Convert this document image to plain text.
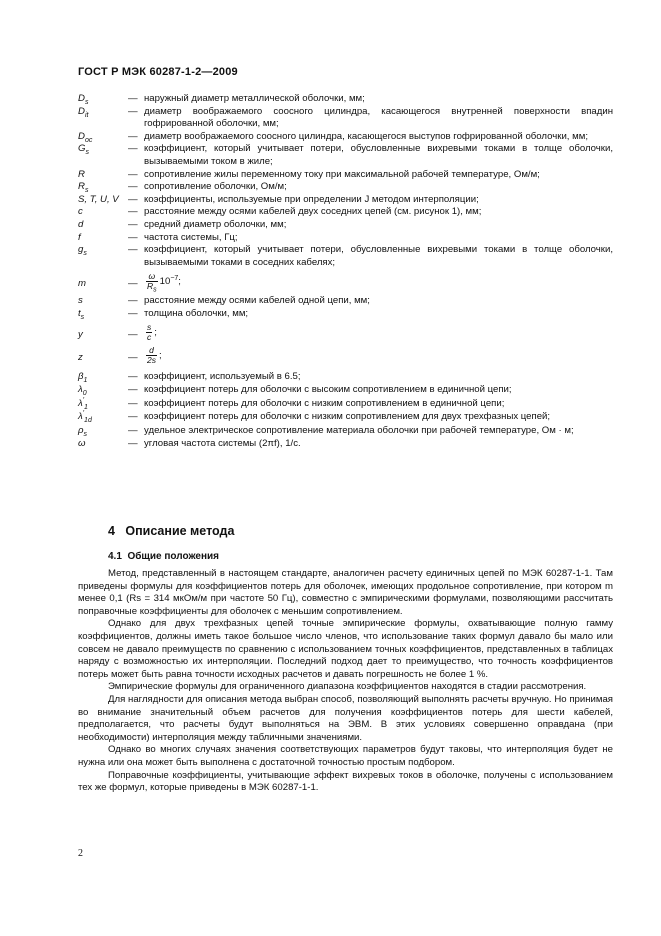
ГОСТ Р МЭК 60287-1-2—2009
$D_s$	— наружный диаметр металлической оболочки, мм;
$D_{it}$	— диаметр воображаемого соосного цилиндра, касающегося внутренней поверхности впадин гофрированной оболочки, мм;
$D_{oc}$	— диаметр воображаемого соосного цилиндра, касающегося выступов гофрированной оболочки, мм;
$G_s$	— коэффициент, который учитывает потери, обусловленные вихревыми токами в толще оболочки, вызываемыми током в жиле;
R	— сопротивление жилы переменному току при максимальной рабочей температуре, Ом/м;
$R_s$	— сопротивление оболочки, Ом/м;
S, T, U, V — коэффициенты, используемые при определении J методом интерполяции;
c	— расстояние между осями кабелей двух соседних цепей (см. рисунок 1), мм;
d	— средний диаметр оболочки, мм;
f	— частота системы, Гц;
$g_s$	— коэффициент, который учитывает потери, обусловленные вихревыми токами в толще оболочки, вызываемыми токами в соседних кабелях;
m	— $\frac{\omega}{R_s} 10^{-7}$;
s	— расстояние между осями кабелей одной цепи, мм;
$t_s$	— толщина оболочки, мм;
y	— $\frac{s}{c}$ ;
z	— $\frac{d}{2s}$ ;
$\beta_1$	— коэффициент, используемый в 6.5;
$\lambda_0$	— коэффициент потерь для оболочки с высоким сопротивлением в единичной цепи;
$\lambda'_1$	— коэффициент потерь для оболочки с низким сопротивлением в единичной цепи;
$\lambda'_{1d}$	— коэффициент потерь для оболочки с низким сопротивлением для двух трехфазных цепей;
$\rho_s$	— удельное электрическое сопротивление материала оболочки при рабочей температуре, Ом · м;
ω	— угловая частота системы (2πf), 1/с.
4 Описание метода
4.1 Общие положения

Метод, представленный в настоящем стандарте, аналогичен расчету единичных цепей по МЭК 60287-1-1. Там приведены формулы для коэффициентов потерь для оболочек, имеющих продольное сопротивление, при котором m менее 0,1 (Rs = 314 мкОм/м при частоте 50 Гц), совместно с эмпирическими формулами, позволяющими рассчитать поправочные коэффициенты для оболочек с меньшим сопротивлением.

Однако для двух трехфазных цепей точные эмпирические формулы, охватывающие полную гамму коэффициентов, должны иметь такое большое число членов, что использование таких формул давало бы мало или совсем не давало преимуществ по сравнению с использованием точных коэффициентов, представленных в таблицах наряду с возможностью их интерполяции. Последний подход дает то преимущество, что точность коэффициентов потерь может быть равна точности исходных расчетов и давать погрешность не более 1 %.

Эмпирические формулы для ограниченного диапазона коэффициентов находятся в стадии рассмотрения.

Для наглядности для описания метода выбран способ, позволяющий выполнять расчеты вручную. Но принимая во внимание значительный объем расчетов для получения коэффициентов потерь для шести кабелей, предполагается, что расчеты будут выполняться на ЭВМ. В этих условиях совершенно оправдана (при необходимости) интерполяция между табличными значениями.

Однако во многих случаях значения соответствующих параметров будут таковы, что интерполяция будет не нужна или она может быть выполнена с достаточной точностью простым подбором.

Поправочные коэффициенты, учитывающие эффект вихревых токов в оболочке, получены с использованием тех же формул, которые приведены в МЭК 60287-1-1.

2
